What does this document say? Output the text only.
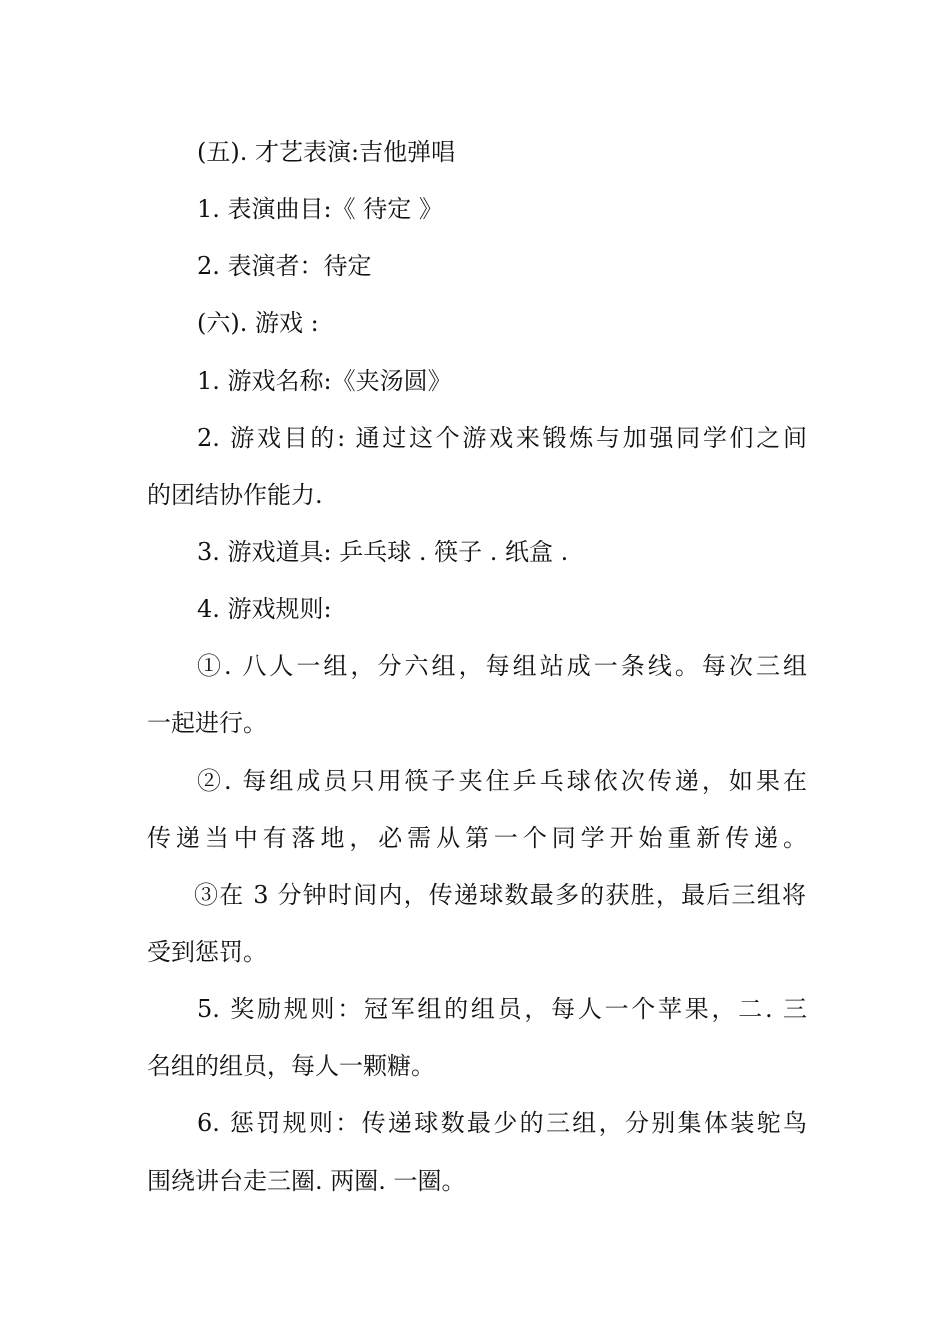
(五). 才艺表演:吉他弹唱
1. 表演曲目:《 待定 》
2. 表演者：待定
(六). 游戏 :
1. 游戏名称:《夹汤圆》
2. 游戏目的: 通过这个游戏来锻炼与加强同学们之间
的团结协作能力.
3. 游戏道具: 乒乓球 . 筷子 . 纸盒 .
4. 游戏规则:
①. 八人一组，分六组，每组站成一条线。每次三组
一起进行。
②. 每组成员只用筷子夹住乒乓球依次传递，如果在
传递当中有落地，必需从第一个同学开始重新传递。
③在 3 分钟时间内，传递球数最多的获胜，最后三组将
受到惩罚。
5. 奖励规则：冠军组的组员，每人一个苹果，二. 三
名组的组员，每人一颗糖。
6. 惩罚规则：传递球数最少的三组，分别集体装鸵鸟
围绕讲台走三圈. 两圈. 一圈。
